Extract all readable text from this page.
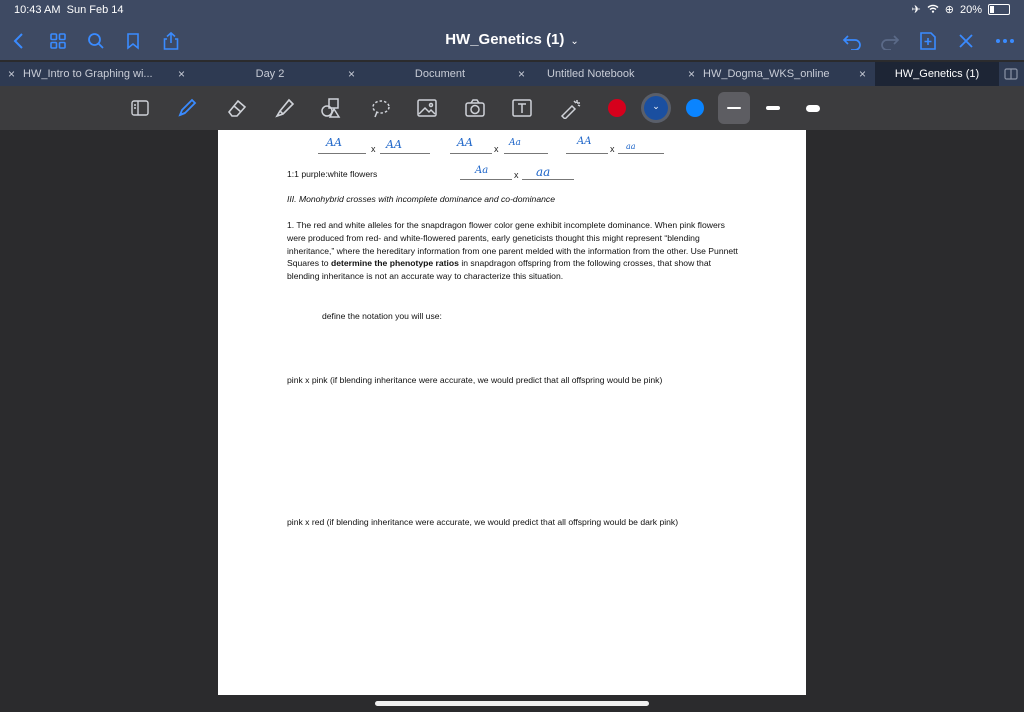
10:43 AM Sun Feb 14	✈ ⊕ 20%
HW_Genetics (1) ⌄
× HW_Intro to Graphing wi... ×	Day 2	×	Document	× Untitled Notebook	× HW_Dogma_WKS_online	×	HW_Genetics (1)
⌄
AA	x AA	AA x
Aa	AA
x aa
1:1 purple:white flowers	Aa	x aa
III. Monohybrid crosses with incomplete dominance and co-dominance
1. The red and white alleles for the snapdragon flower color gene exhibit incomplete dominance. When pink flowers were produced from red- and white-flowered parents, early geneticists thought this might represent “blending inheritance,” where the hereditary information from one parent melded with the information from the other. Use Punnett Squares to determine the phenotype ratios in snapdragon offspring from the following crosses, that show that blending inheritance is not an accurate way to characterize this situation.
define the notation you will use:
pink x pink (if blending inheritance were accurate, we would predict that all offspring would be pink)
pink x red (if blending inheritance were accurate, we would predict that all offspring would be dark pink)
